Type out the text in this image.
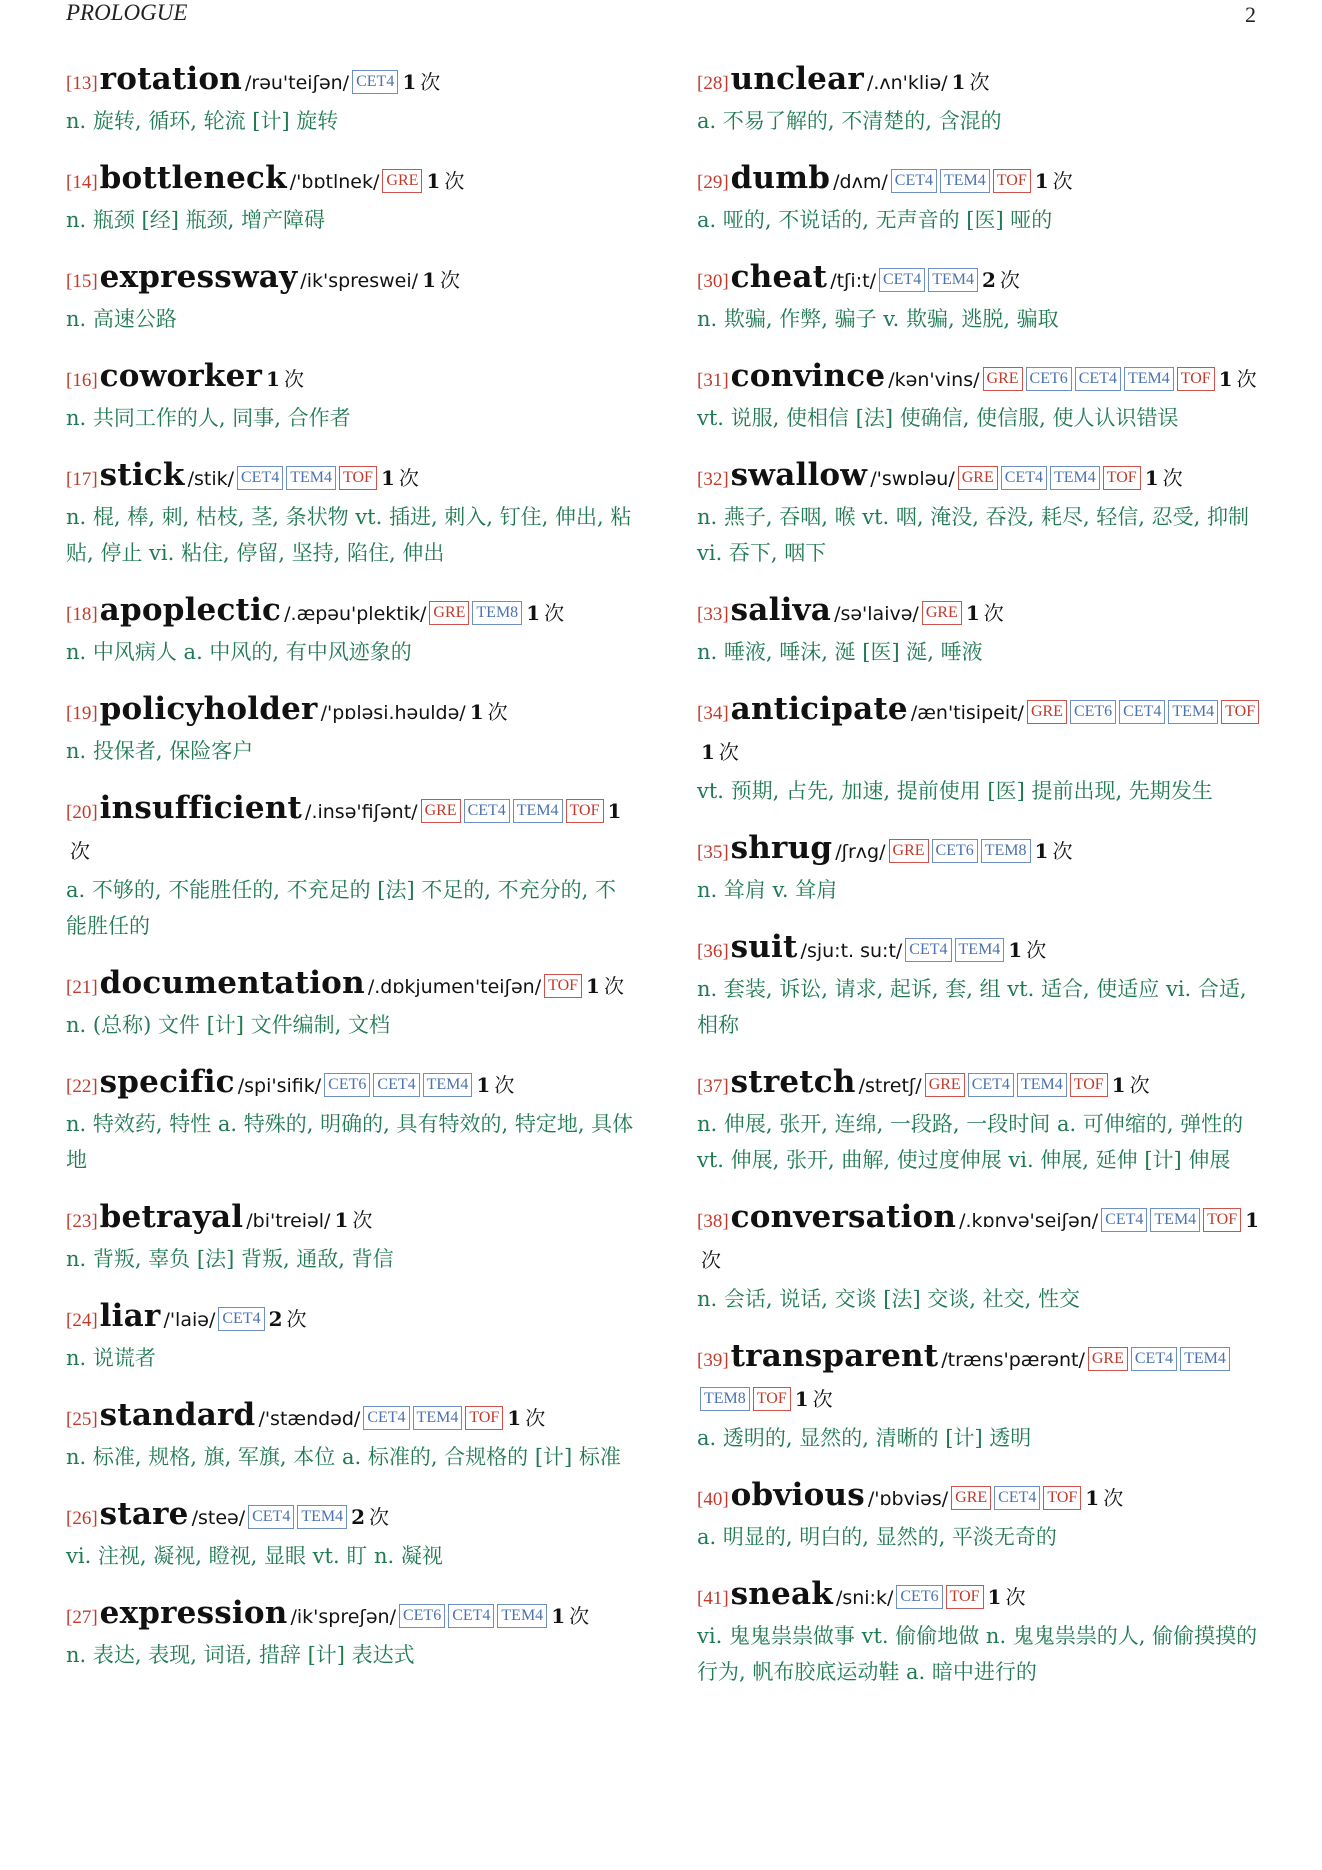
PROLOGUE	2
[13]rotation /rəu'teiʃən/ CET4 1 次
n. 旋转, 循环, 轮流 [计] 旋转
[14]bottleneck /'bɒtlnek/ GRE 1 次
n. 瓶颈 [经] 瓶颈, 增产障碍
[15]expressway /ik'spreswei/ 1 次
n. 高速公路
[16]coworker 1 次
n. 共同工作的人, 同事, 合作者
[17]stick /stik/ CET4 TEM4 TOF 1 次
n. 棍, 棒, 刺, 枯枝, 茎, 条状物 vt. 插进, 刺入, 钉住, 伸出, 粘贴, 停止 vi. 粘住, 停留, 坚持, 陷住, 伸出
[18]apoplectic /.æpəu'plektik/ GRE TEM8 1 次
n. 中风病人 a. 中风的, 有中风迹象的
[19]policyholder /'pɒləsi.həuldə/ 1 次
n. 投保者, 保险客户
[20]insufficient /.insə'fiʃənt/ GRE CET4 TEM4 TOF 1次
a. 不够的, 不能胜任的, 不充足的 [法] 不足的, 不充分的, 不能胜任的
[21]documentation /.dɒkjumen'teiʃən/ TOF 1 次
n. (总称) 文件 [计] 文件编制, 文档
[22]specific /spi'sifik/ CET6 CET4 TEM4 1 次
n. 特效药, 特性 a. 特殊的, 明确的, 具有特效的, 特定地, 具体地
[23]betrayal /bi'treiəl/ 1 次
n. 背叛, 辜负 [法] 背叛, 通敌, 背信
[24]liar /'laiə/ CET4 2 次
n. 说谎者
[25]standard /'stændəd/ CET4 TEM4 TOF 1 次
n. 标准, 规格, 旗, 军旗, 本位 a. 标准的, 合规格的 [计] 标准
[26]stare /steə/ CET4 TEM4 2 次
vi. 注视, 凝视, 瞪视, 显眼 vt. 盯 n. 凝视
[27]expression /ik'spreʃən/ CET6 CET4 TEM4 1 次
n. 表达, 表现, 词语, 措辞 [计] 表达式
[28]unclear /.ʌn'kliə/ 1 次
a. 不易了解的, 不清楚的, 含混的
[29]dumb /dʌm/ CET4 TEM4 TOF 1 次
a. 哑的, 不说话的, 无声音的 [医] 哑的
[30]cheat /tʃi:t/ CET4 TEM4 2 次
n. 欺骗, 作弊, 骗子 v. 欺骗, 逃脱, 骗取
[31]convince /kən'vins/ GRE CET6 CET4 TEM4 TOF 1 次
vt. 说服, 使相信 [法] 使确信, 使信服, 使人认识错误
[32]swallow /'swɒləu/ GRE CET4 TEM4 TOF 1 次
n. 燕子, 吞咽, 喉 vt. 咽, 淹没, 吞没, 耗尽, 轻信, 忍受, 抑制 vi. 吞下, 咽下
[33]saliva /sə'laivə/ GRE 1 次
n. 唾液, 唾沫, 涎 [医] 涎, 唾液
[34]anticipate /æn'tisipeit/ GRE CET6 CET4 TEM4 TOF1 次
vt. 预期, 占先, 加速, 提前使用 [医] 提前出现, 先期发生
[35]shrug /ʃrʌg/ GRE CET6 TEM8 1 次
n. 耸肩 v. 耸肩
[36]suit /sju:t. su:t/ CET4 TEM4 1 次
n. 套装, 诉讼, 请求, 起诉, 套, 组 vt. 适合, 使适应 vi. 合适, 相称
[37]stretch /stretʃ/ GRE CET4 TEM4 TOF 1 次
n. 伸展, 张开, 连绵, 一段路, 一段时间 a. 可伸缩的, 弹性的 vt. 伸展, 张开, 曲解, 使过度伸展 vi. 伸展, 延伸 [计] 伸展
[38]conversation /.kɒnvə'seiʃən/ CET4 TEM4 TOF 1次
n. 会话, 说话, 交谈 [法] 交谈, 社交, 性交
[39]transparent /træns'pærənt/ GRE CET4 TEM4TEM8 TOF 1 次
a. 透明的, 显然的, 清晰的 [计] 透明
[40]obvious /'ɒbviəs/ GRE CET4 TOF 1 次
a. 明显的, 明白的, 显然的, 平淡无奇的
[41]sneak /sni:k/ CET6 TOF 1 次
vi. 鬼鬼祟祟做事 vt. 偷偷地做 n. 鬼鬼祟祟的人, 偷偷摸摸的行为, 帆布胶底运动鞋 a. 暗中进行的
